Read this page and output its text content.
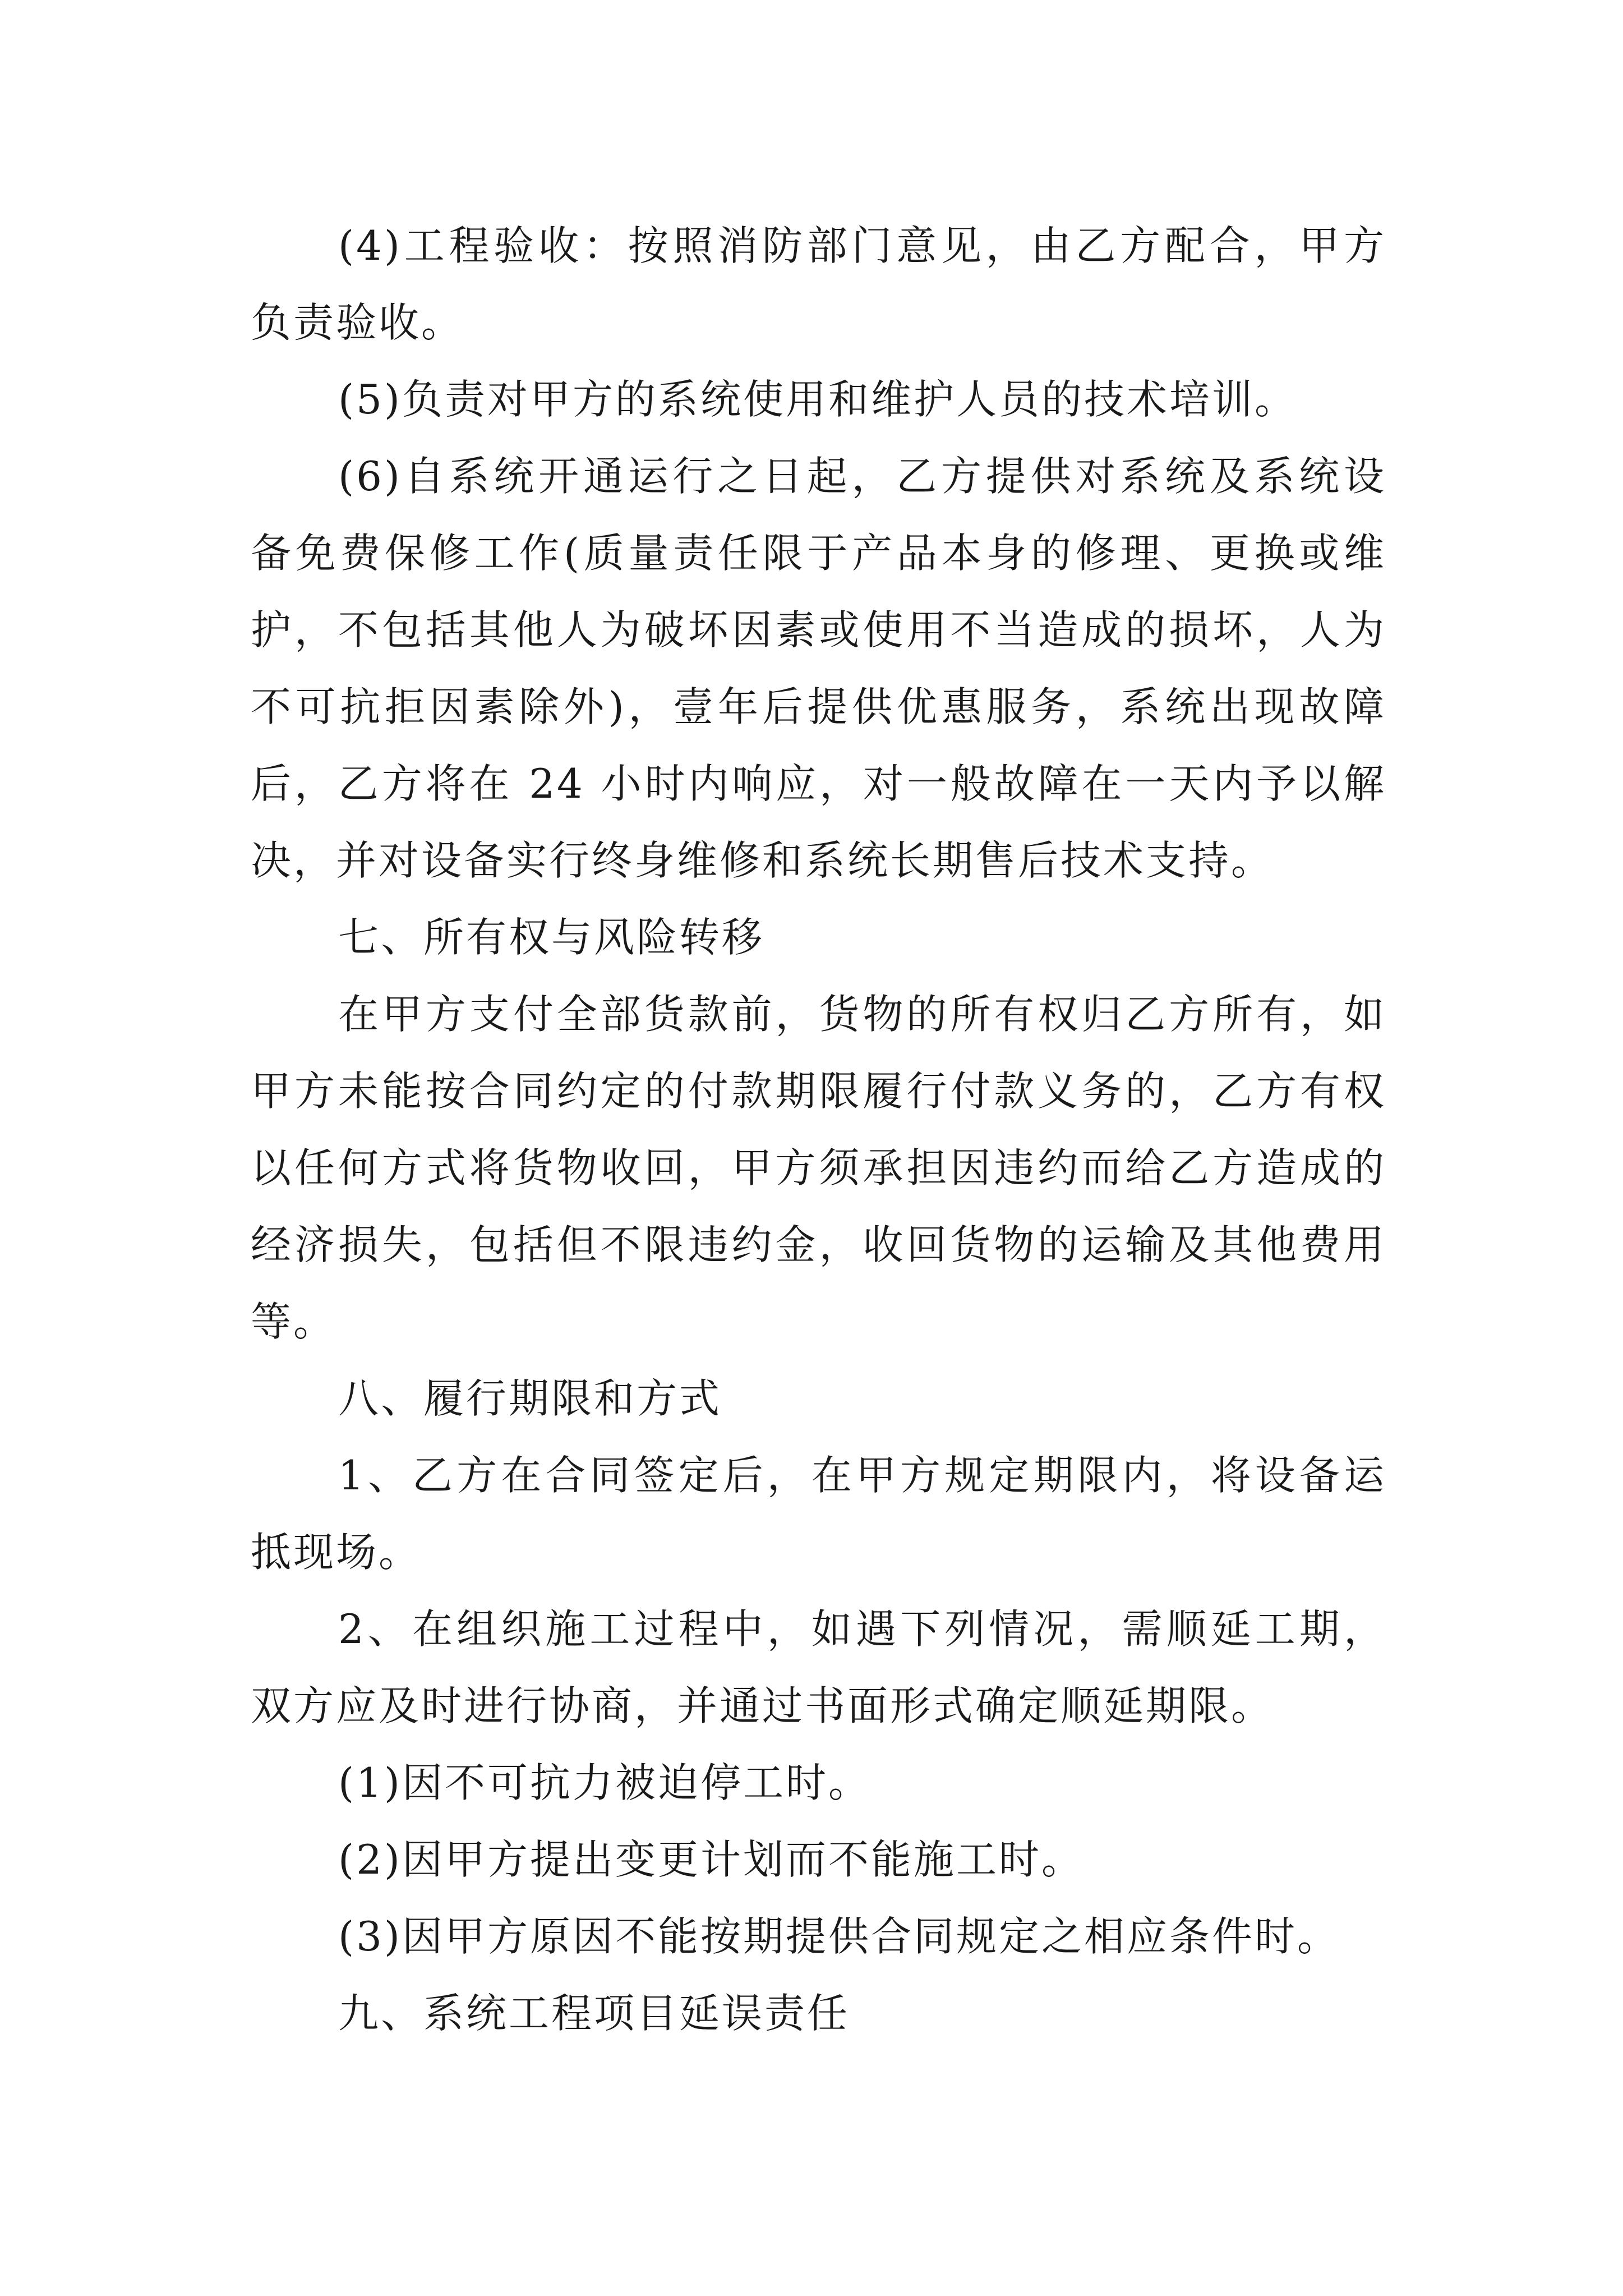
(4)工程验收：按照消防部门意见，由乙方配合，甲方
负责验收。
(5)负责对甲方的系统使用和维护人员的技术培训。
(6)自系统开通运行之日起，乙方提供对系统及系统设
备免费保修工作(质量责任限于产品本身的修理、更换或维
护，不包括其他人为破坏因素或使用不当造成的损坏，人为
不可抗拒因素除外)，壹年后提供优惠服务，系统出现故障
后，乙方将在 24 小时内响应，对一般故障在一天内予以解
决，并对设备实行终身维修和系统长期售后技术支持。
七、所有权与风险转移
在甲方支付全部货款前，货物的所有权归乙方所有，如
甲方未能按合同约定的付款期限履行付款义务的，乙方有权
以任何方式将货物收回，甲方须承担因违约而给乙方造成的
经济损失，包括但不限违约金，收回货物的运输及其他费用
等。
八、履行期限和方式
1、乙方在合同签定后，在甲方规定期限内，将设备运
抵现场。
2、在组织施工过程中，如遇下列情况，需顺延工期，
双方应及时进行协商，并通过书面形式确定顺延期限。
(1)因不可抗力被迫停工时。
(2)因甲方提出变更计划而不能施工时。
(3)因甲方原因不能按期提供合同规定之相应条件时。
九、系统工程项目延误责任
